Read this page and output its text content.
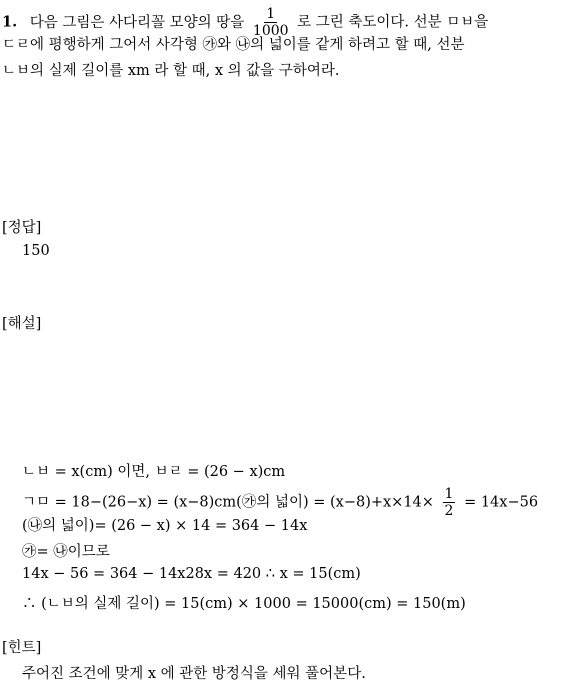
1. 다음 그림은 사다리꼴 모양의 땅을 $\frac{1}{1000}$ 로 그린 축도이다. 선분 ㅁㅂ을
ㄷㄹ에 평행하게 그어서 사각형 ㉮와 ㉯의 넓이를 같게 하려고 할 때, 선분
ㄴㅂ의 실제 길이를 xm 라 할 때, x 의 값을 구하여라.
[정답]
150
[해설]
ㄴㅂ = x(cm) 이면, ㅂㄹ = (26 − x)cm
ㄱㅁ = 18−(26−x) = (x−8)cm(㉮의 넓이) = $(x-8)+x\times 14\times \frac{1}{2} = 14x-56$
(㉯의 넓이)= (26 − x) × 14 = 364 − 14x
㉮= ㉯이므로
14x − 56 = 364 − 14x28x = 420 ∴ x = 15(cm)
∴ (ㄴㅂ의 실제 길이) = 15(cm) × 1000 = 15000(cm) = 150(m)
[힌트]
주어진 조건에 맞게 x 에 관한 방정식을 세워 풀어본다.
